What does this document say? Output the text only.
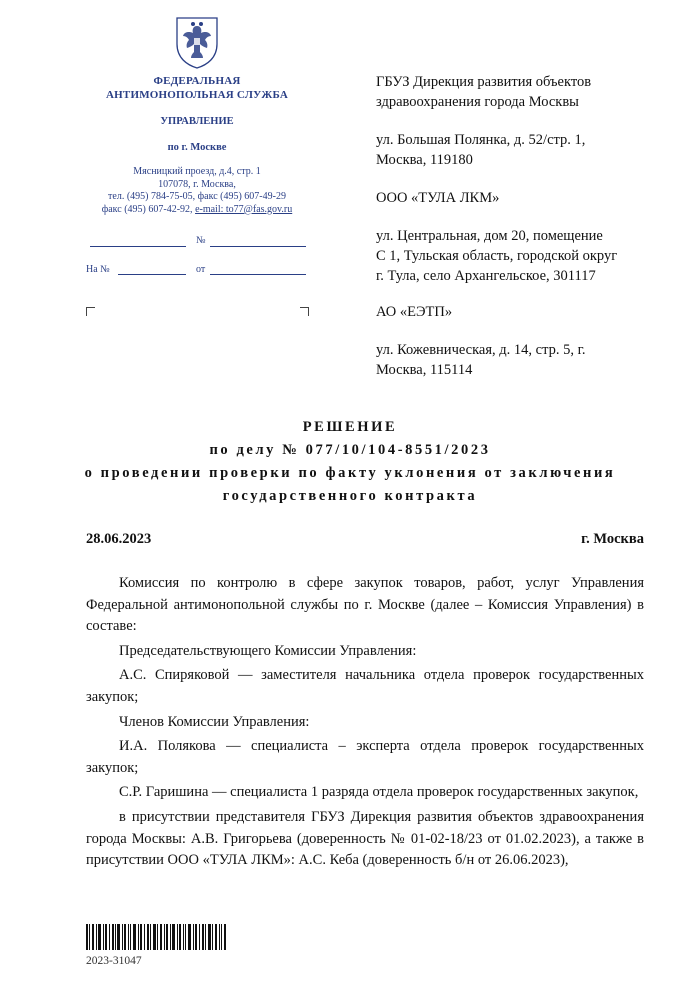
ФЕДЕРАЛЬНАЯ
АНТИМОНОПОЛЬНАЯ СЛУЖБА
УПРАВЛЕНИЕ
по г. Москве
Мясницкий проезд, д.4, стр. 1
107078, г. Москва,
тел. (495) 784-75-05, факс (495) 607-49-29
факс (495) 607-42-92, e-mail: to77@fas.gov.ru
№
На №	от
ГБУЗ Дирекция развития объектов
здравоохранения города Москвы
ул. Большая Полянка, д. 52/стр. 1,
Москва, 119180
ООО «ТУЛА ЛКМ»
ул. Центральная, дом 20, помещение
С 1, Тульская область, городской округ
г. Тула, село Архангельское, 301117
АО «ЕЭТП»
ул. Кожевническая, д. 14, стр. 5, г.
Москва, 115114
РЕШЕНИЕ
по делу № 077/10/104-8551/2023
о проведении проверки по факту уклонения от заключения
государственного контракта
28.06.2023	г. Москва

Комиссия по контролю в сфере закупок товаров, работ, услуг Управления Федеральной антимонопольной службы по г. Москве (далее – Комиссия Управления) в составе:

Председательствующего Комиссии Управления:

А.С. Спиряковой — заместителя начальника отдела проверок государственных закупок;

Членов Комиссии Управления:

И.А. Полякова — специалиста – эксперта отдела проверок государственных закупок;

С.Р. Гаришина — специалиста 1 разряда отдела проверок государственных закупок,

в присутствии представителя ГБУЗ Дирекция развития объектов здравоохранения города Москвы: А.В. Григорьева (доверенность № 01-02-18/23 от 01.02.2023), а также в присутствии ООО «ТУЛА ЛКМ»: А.С. Кеба (доверенность б/н от 26.06.2023),

2023-31047
